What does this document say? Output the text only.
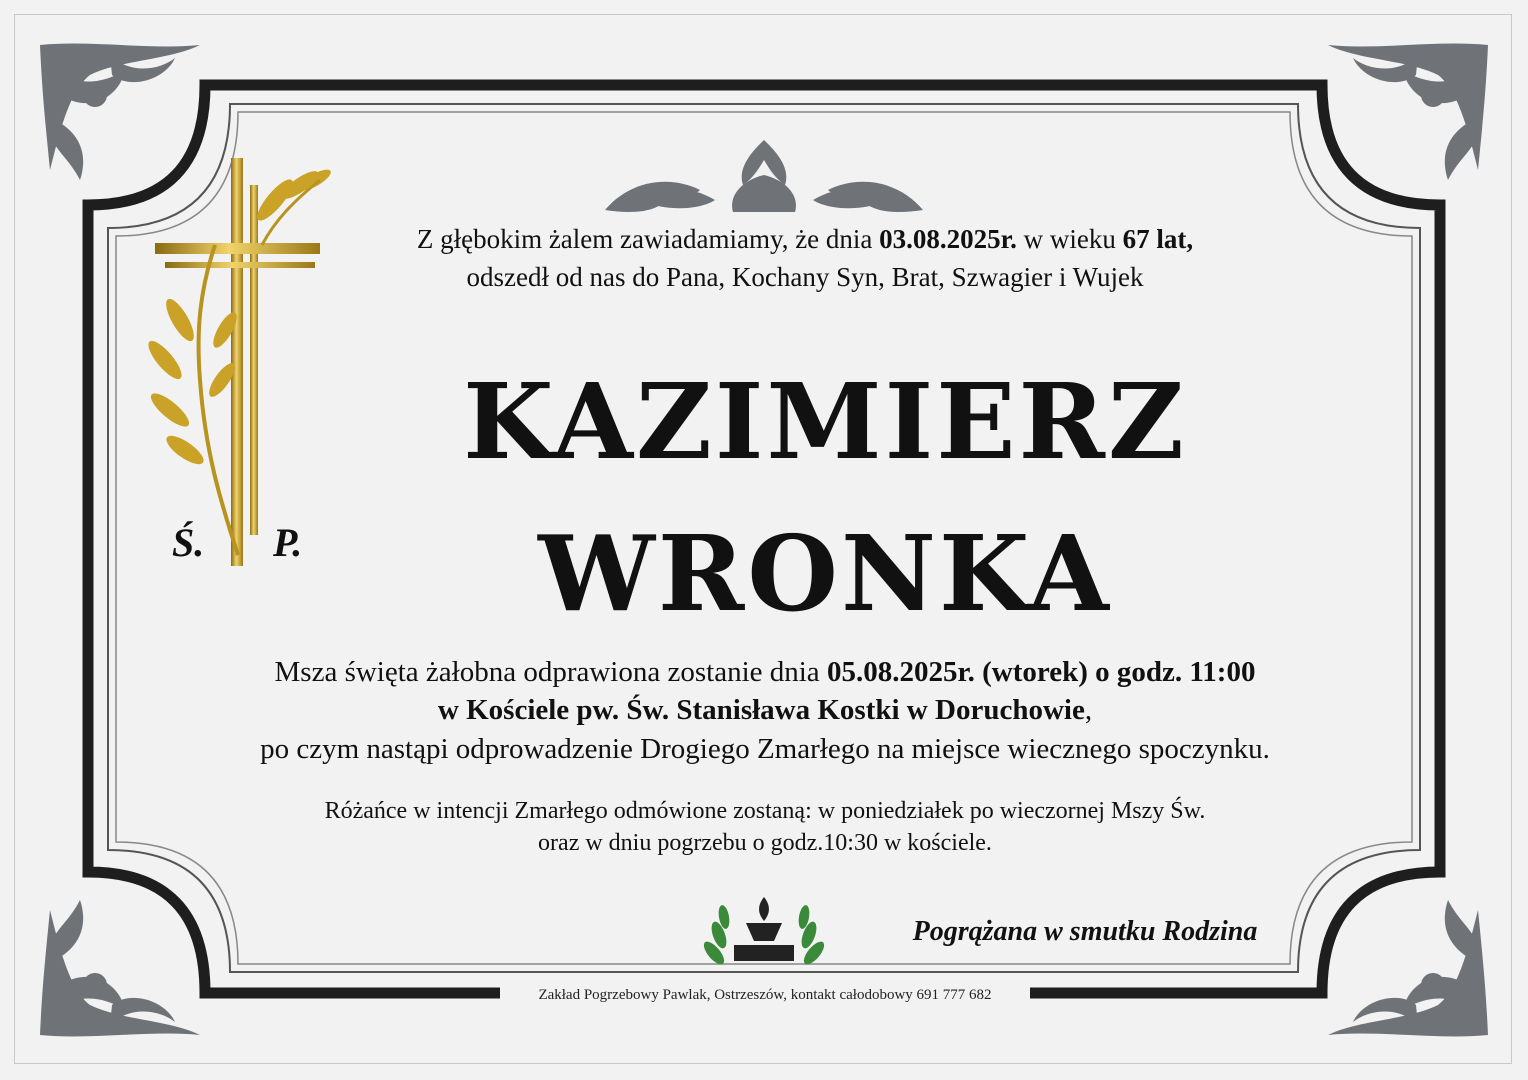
Ś. P.
Z głębokim żalem zawiadamiamy, że dnia 03.08.2025r. w wieku 67 lat,
odszedł od nas do Pana, Kochany Syn, Brat, Szwagier i Wujek
KAZIMIERZ
WRONKA
Msza święta żałobna odprawiona zostanie dnia 05.08.2025r. (wtorek) o godz. 11:00
w Kościele pw. Św. Stanisława Kostki w Doruchowie,
po czym nastąpi odprowadzenie Drogiego Zmarłego na miejsce wiecznego spoczynku.
Różańce w intencji Zmarłego odmówione zostaną: w poniedziałek po wieczornej Mszy Św.
oraz w dniu pogrzebu o godz.10:30 w kościele.
Pogrążana w smutku Rodzina
Zakład Pogrzebowy Pawlak, Ostrzeszów, kontakt całodobowy 691 777 682
